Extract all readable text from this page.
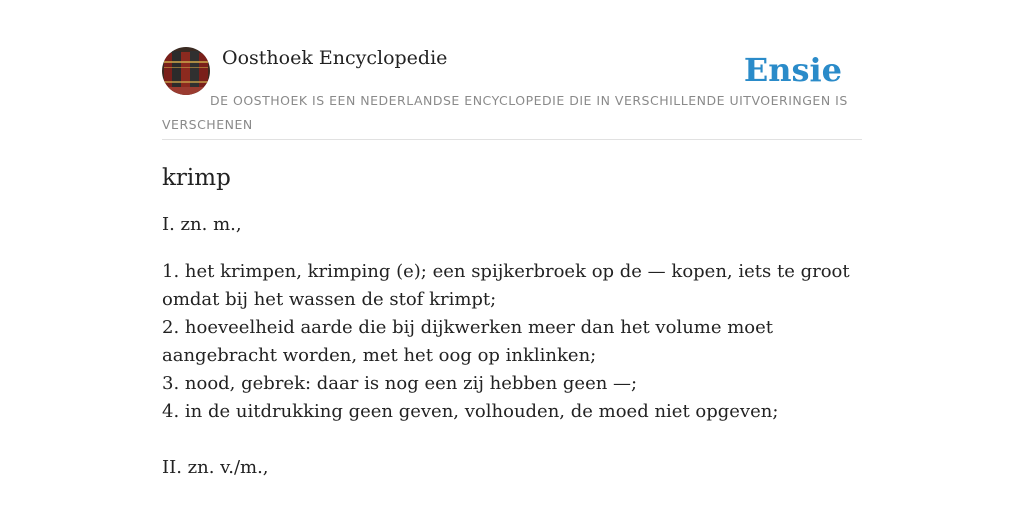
Oosthoek Encyclopedie	Ensie
DE OOSTHOEK IS EEN NEDERLANDSE ENCYCLOPEDIE DIE IN VERSCHILLENDE UITVOERINGEN IS VERSCHENEN
krimp

I. zn. m.,

1. het krimpen, krimping (e); een spijkerbroek op de — kopen, iets te groot omdat bij het wassen de stof krimpt;
2. hoeveelheid aarde die bij dijkwerken meer dan het volume moet aangebracht worden, met het oog op inklinken;
3. nood, gebrek: daar is nog een zij hebben geen —;
4. in de uitdrukking geen geven, volhouden, de moed niet opgeven;

II. zn. v./m.,
